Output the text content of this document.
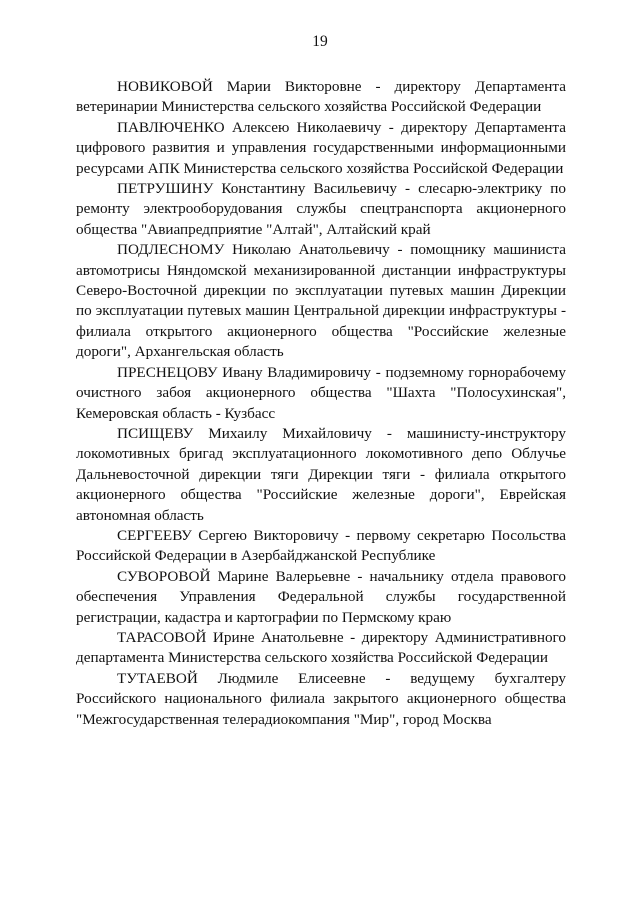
19

НОВИКОВОЙ Марии Викторовне - директору Департамента ветеринарии Министерства сельского хозяйства Российской Федерации

ПАВЛЮЧЕНКО Алексею Николаевичу - директору Департамента цифрового развития и управления государственными информационными ресурсами АПК Министерства сельского хозяйства Российской Федерации

ПЕТРУШИНУ Константину Васильевичу - слесарю-электрику по ремонту электрооборудования службы спецтранспорта акционерного общества "Авиапредприятие "Алтай", Алтайский край

ПОДЛЕСНОМУ Николаю Анатольевичу - помощнику машиниста автомотрисы Няндомской механизированной дистанции инфраструктуры Северо-Восточной дирекции по эксплуатации путевых машин Дирекции по эксплуатации путевых машин Центральной дирекции инфраструктуры - филиала открытого акционерного общества "Российские железные дороги", Архангельская область

ПРЕСНЕЦОВУ Ивану Владимировичу - подземному горнорабочему очистного забоя акционерного общества "Шахта "Полосухинская", Кемеровская область - Кузбасс

ПСИЩЕВУ Михаилу Михайловичу - машинисту-инструктору локомотивных бригад эксплуатационного локомотивного депо Облучье Дальневосточной дирекции тяги Дирекции тяги - филиала открытого акционерного общества "Российские железные дороги", Еврейская автономная область

СЕРГЕЕВУ Сергею Викторовичу - первому секретарю Посольства Российской Федерации в Азербайджанской Республике

СУВОРОВОЙ Марине Валерьевне - начальнику отдела правового обеспечения Управления Федеральной службы государственной регистрации, кадастра и картографии по Пермскому краю

ТАРАСОВОЙ Ирине Анатольевне - директору Административного департамента Министерства сельского хозяйства Российской Федерации

ТУТАЕВОЙ Людмиле Елисеевне - ведущему бухгалтеру Российского национального филиала закрытого акционерного общества "Межгосударственная телерадиокомпания "Мир", город Москва
